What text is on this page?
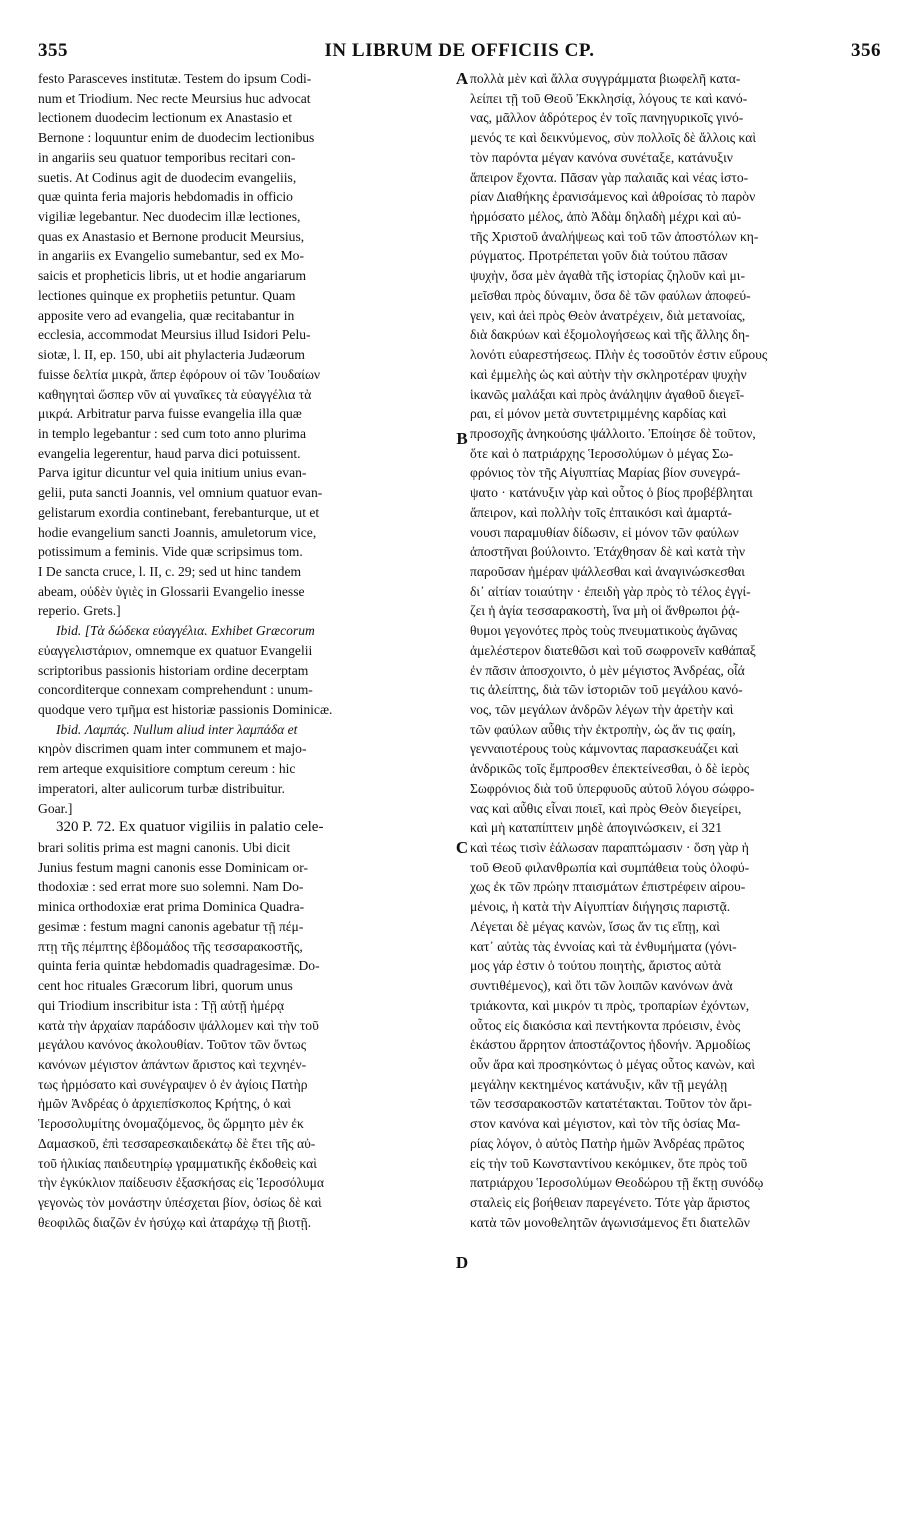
355	IN LIBRUM DE OFFICIIS CP.	356
A
B
C
D
festo Parasceves institutæ. Testem do ipsum Codi-
num et Triodium. Nec recte Meursius huc advocat
lectionem duodecim lectionum ex Anastasio et
Bernone : loquuntur enim de duodecim lectionibus
in angariis seu quatuor temporibus recitari con-
suetis. At Codinus agit de duodecim evangeliis,
quæ quinta feria majoris hebdomadis in officio
vigiliæ legebantur. Nec duodecim illæ lectiones,
quas ex Anastasio et Bernone producit Meursius,
in angariis ex Evangelio sumebantur, sed ex Mo-
saicis et propheticis libris, ut et hodie angariarum
lectiones quinque ex prophetiis petuntur. Quam
apposite vero ad evangelia, quæ recitabantur in
ecclesia, accommodat Meursius illud Isidori Pelu-
siotæ, l. II, ep. 150, ubi ait phylacteria Judæorum
fuisse δελτία μικρὰ, ἅπερ ἐφόρουν οἱ τῶν Ἰουδαίων
καθηγηταὶ ὥσπερ νῦν αἱ γυναῖκες τὰ εὐαγγέλια τὰ
μικρά. Arbitratur parva fuisse evangelia illa quæ
in templo legebantur : sed cum toto anno plurima
evangelia legerentur, haud parva dici potuissent.
Parva igitur dicuntur vel quia initium unius evan-
gelii, puta sancti Joannis, vel omnium quatuor evan-
gelistarum exordia continebant, ferebanturque, ut et
hodie evangelium sancti Joannis, amuletorum vice,
potissimum a feminis. Vide quæ scripsimus tom.
I De sancta cruce, l. II, c. 29; sed ut hinc tandem
abeam, οὐδὲν ὑγιὲς in Glossarii Evangelio inesse
reperio. Grets.]
Ibid. [Τὰ δώδεκα εὐαγγέλια. Exhibet Græcorum
εὐαγγελιστάριον, omnemque ex quatuor Evangelii
scriptoribus passionis historiam ordine decerptam
concorditerque connexam comprehendunt : unum-
quodque vero τμῆμα est historiæ passionis Dominicæ.
Ibid. Λαμπάς. Nullum aliud inter λαμπάδα et
κηρὸν discrimen quam inter communem et majo-
rem arteque exquisitiore comptum cereum : hic
imperatori, alter aulicorum turbæ distribuitur.
Goar.]
320 P. 72. Ex quatuor vigiliis in palatio cele-
brari solitis prima est magni canonis. Ubi dicit
Junius festum magni canonis esse Dominicam or-
thodoxiæ : sed errat more suo solemni. Nam Do-
minica orthodoxiæ erat prima Dominica Quadra-
gesimæ : festum magni canonis agebatur τῇ πέμ-
πτῃ τῆς πέμπτης ἑβδομάδος τῆς τεσσαρακοστῆς,
quinta feria quintæ hebdomadis quadragesimæ. Do-
cent hoc rituales Græcorum libri, quorum unus
qui Triodium inscribitur ista : Τῇ αὐτῇ ἡμέρᾳ
κατὰ τὴν ἀρχαίαν παράδοσιν ψάλλομεν καὶ τὴν τοῦ
μεγάλου κανόνος ἀκολουθίαν. Τοῦτον τῶν ὄντως
κανόνων μέγιστον ἁπάντων ἄριστος καὶ τεχνηέν-
τως ἡρμόσατο καὶ συνέγραψεν ὁ ἐν ἁγίοις Πατὴρ
ἡμῶν Ἀνδρέας ὁ ἀρχιεπίσκοπος Κρήτης, ὁ καὶ
Ἱεροσολυμίτης ὀνομαζόμενος, ὃς ὥρμητο μὲν ἐκ
Δαμασκοῦ, ἐπὶ τεσσαρεσκαιδεκάτῳ δὲ ἔτει τῆς αὐ-
τοῦ ἡλικίας παιδευτηρίῳ γραμματικῆς ἐκδοθεὶς καὶ
τὴν ἐγκύκλιον παίδευσιν ἐξασκήσας εἰς Ἱεροσόλυμα
γεγονὼς τὸν μονάστην ὑπέσχεται βίον, ὁσίως δὲ καὶ
θεοφιλῶς διαζῶν ἐν ἡσύχῳ καὶ ἀταράχῳ τῇ βιοτῇ.
πολλὰ μὲν καὶ ἄλλα συγγράμματα βιωφελῆ κατα-
λείπει τῇ τοῦ Θεοῦ Ἐκκλησίᾳ, λόγους τε καὶ κανό-
νας, μᾶλλον ἀδρότερος ἐν τοῖς πανηγυρικοῖς γινό-
μενός τε καὶ δεικνύμενος, σὺν πολλοῖς δὲ ἄλλοις καὶ
τὸν παρόντα μέγαν κανόνα συνέταξε, κατάνυξιν
ἄπειρον ἔχοντα. Πᾶσαν γὰρ παλαιᾶς καὶ νέας ἱστο-
ρίαν Διαθήκης ἐρανισάμενος καὶ ἀθροίσας τὸ παρὸν
ἡρμόσατο μέλος, ἀπὸ Ἀδὰμ δηλαδὴ μέχρι καὶ αὐ-
τῆς Χριστοῦ ἀναλήψεως καὶ τοῦ τῶν ἀποστόλων κη-
ρύγματος. Προτρέπεται γοῦν διὰ τούτου πᾶσαν
ψυχὴν, ὅσα μὲν ἀγαθὰ τῆς ἱστορίας ζηλοῦν καὶ μι-
μεῖσθαι πρὸς δύναμιν, ὅσα δὲ τῶν φαύλων ἀποφεύ-
γειν, καὶ ἀεὶ πρὸς Θεὸν ἀνατρέχειν, διὰ μετανοίας,
διὰ δακρύων καὶ ἐξομολογήσεως καὶ τῆς ἄλλης δη-
λονότι εὐαρεστήσεως. Πλὴν ἐς τοσοῦτόν ἐστιν εὔρους
καὶ ἐμμελὴς ὡς καὶ αὐτὴν τὴν σκληροτέραν ψυχὴν
ἱκανῶς μαλάξαι καὶ πρὸς ἀνάληψιν ἀγαθοῦ διεγεῖ-
ραι, εἰ μόνον μετὰ συντετριμμένης καρδίας καὶ
προσοχῆς ἀνηκούσης ψάλλοιτο. Ἐποίησε δὲ τοῦτον,
ὅτε καὶ ὁ πατριάρχης Ἱεροσολύμων ὁ μέγας Σω-
φρόνιος τὸν τῆς Αἰγυπτίας Μαρίας βίον συνεγρά-
ψατο · κατάνυξιν γὰρ καὶ οὗτος ὁ βίος προβέβληται
ἄπειρον, καὶ πολλὴν τοῖς ἐπταικόσι καὶ ἁμαρτά-
νουσι παραμυθίαν δίδωσιν, εἰ μόνον τῶν φαύλων
ἀποστῆναι βούλοιντο. Ἐτάχθησαν δὲ καὶ κατὰ τὴν
παροῦσαν ἡμέραν ψάλλεσθαι καὶ ἀναγινώσκεσθαι
δι᾿ αἰτίαν τοιαύτην · ἐπειδὴ γὰρ πρὸς τὸ τέλος ἐγγί-
ζει ἡ ἁγία τεσσαρακοστὴ, ἵνα μὴ οἱ ἄνθρωποι ῥᾴ-
θυμοι γεγονότες πρὸς τοὺς πνευματικοὺς ἀγῶνας
ἀμελέστερον διατεθῶσι καὶ τοῦ σωφρονεῖν καθάπαξ
ἐν πᾶσιν ἀποσχοιντο, ὁ μὲν μέγιστος Ἀνδρέας, οἷά
τις ἀλείπτης, διὰ τῶν ἱστοριῶν τοῦ μεγάλου κανό-
νος, τῶν μεγάλων ἀνδρῶν λέγων τὴν ἀρετὴν καὶ
τῶν φαύλων αὖθις τὴν ἐκτροπὴν, ὡς ἄν τις φαίη,
γενναιοτέρους τοὺς κάμνοντας παρασκευάζει καὶ
ἀνδρικῶς τοῖς ἔμπροσθεν ἐπεκτείνεσθαι, ὁ δὲ ἱερὸς
Σωφρόνιος διὰ τοῦ ὑπερφυοῦς αὐτοῦ λόγου σώφρο-
νας καὶ αὖθις εἶναι ποιεῖ, καὶ πρὸς Θεὸν διεγείρει,
καὶ μὴ καταπίπτειν μηδὲ ἀπογινώσκειν, εἰ 321
καὶ τέως τισὶν ἑάλωσαν παραπτώμασιν · ὅση γὰρ ἡ
τοῦ Θεοῦ φιλανθρωπία καὶ συμπάθεια τοὺς ὀλοφύ-
χως ἐκ τῶν πρώην πταισμάτων ἐπιστρέφειν αἱρου-
μένοις, ἡ κατὰ τὴν Αἰγυπτίαν διήγησις παριστᾷ.
Λέγεται δὲ μέγας κανὼν, ἴσως ἄν τις εἴπῃ, καὶ
κατ᾿ αὐτὰς τὰς ἐννοίας καὶ τὰ ἐνθυμήματα (γόνι-
μος γάρ ἐστιν ὁ τούτου ποιητὴς, ἄριστος αὐτὰ
συντιθέμενος), καὶ ὅτι τῶν λοιπῶν κανόνων ἀνὰ
τριάκοντα, καὶ μικρόν τι πρὸς, τροπαρίων ἐχόντων,
οὗτος εἰς διακόσια καὶ πεντήκοντα πρόεισιν, ἑνὸς
ἑκάστου ἄρρητον ἀποστάζοντος ἡδονήν. Ἁρμοδίως
οὖν ἄρα καὶ προσηκόντως ὁ μέγας οὗτος κανὼν, καὶ
μεγάλην κεκτημένος κατάνυξιν, κἂν τῇ μεγάλῃ
τῶν τεσσαρακοστῶν κατατέτακται. Τοῦτον τὸν ἄρι-
στον κανόνα καὶ μέγιστον, καὶ τὸν τῆς ὁσίας Μα-
ρίας λόγον, ὁ αὐτὸς Πατὴρ ἡμῶν Ἀνδρέας πρῶτος
εἰς τὴν τοῦ Κωνσταντίνου κεκόμικεν, ὅτε πρὸς τοῦ
πατριάρχου Ἱεροσολύμων Θεοδώρου τῇ ἕκτῃ συνόδῳ
σταλεὶς εἰς βοήθειαν παρεγένετο. Τότε γὰρ ἄριστος
κατὰ τῶν μονοθελητῶν ἀγωνισάμενος ἔτι διατελῶν
